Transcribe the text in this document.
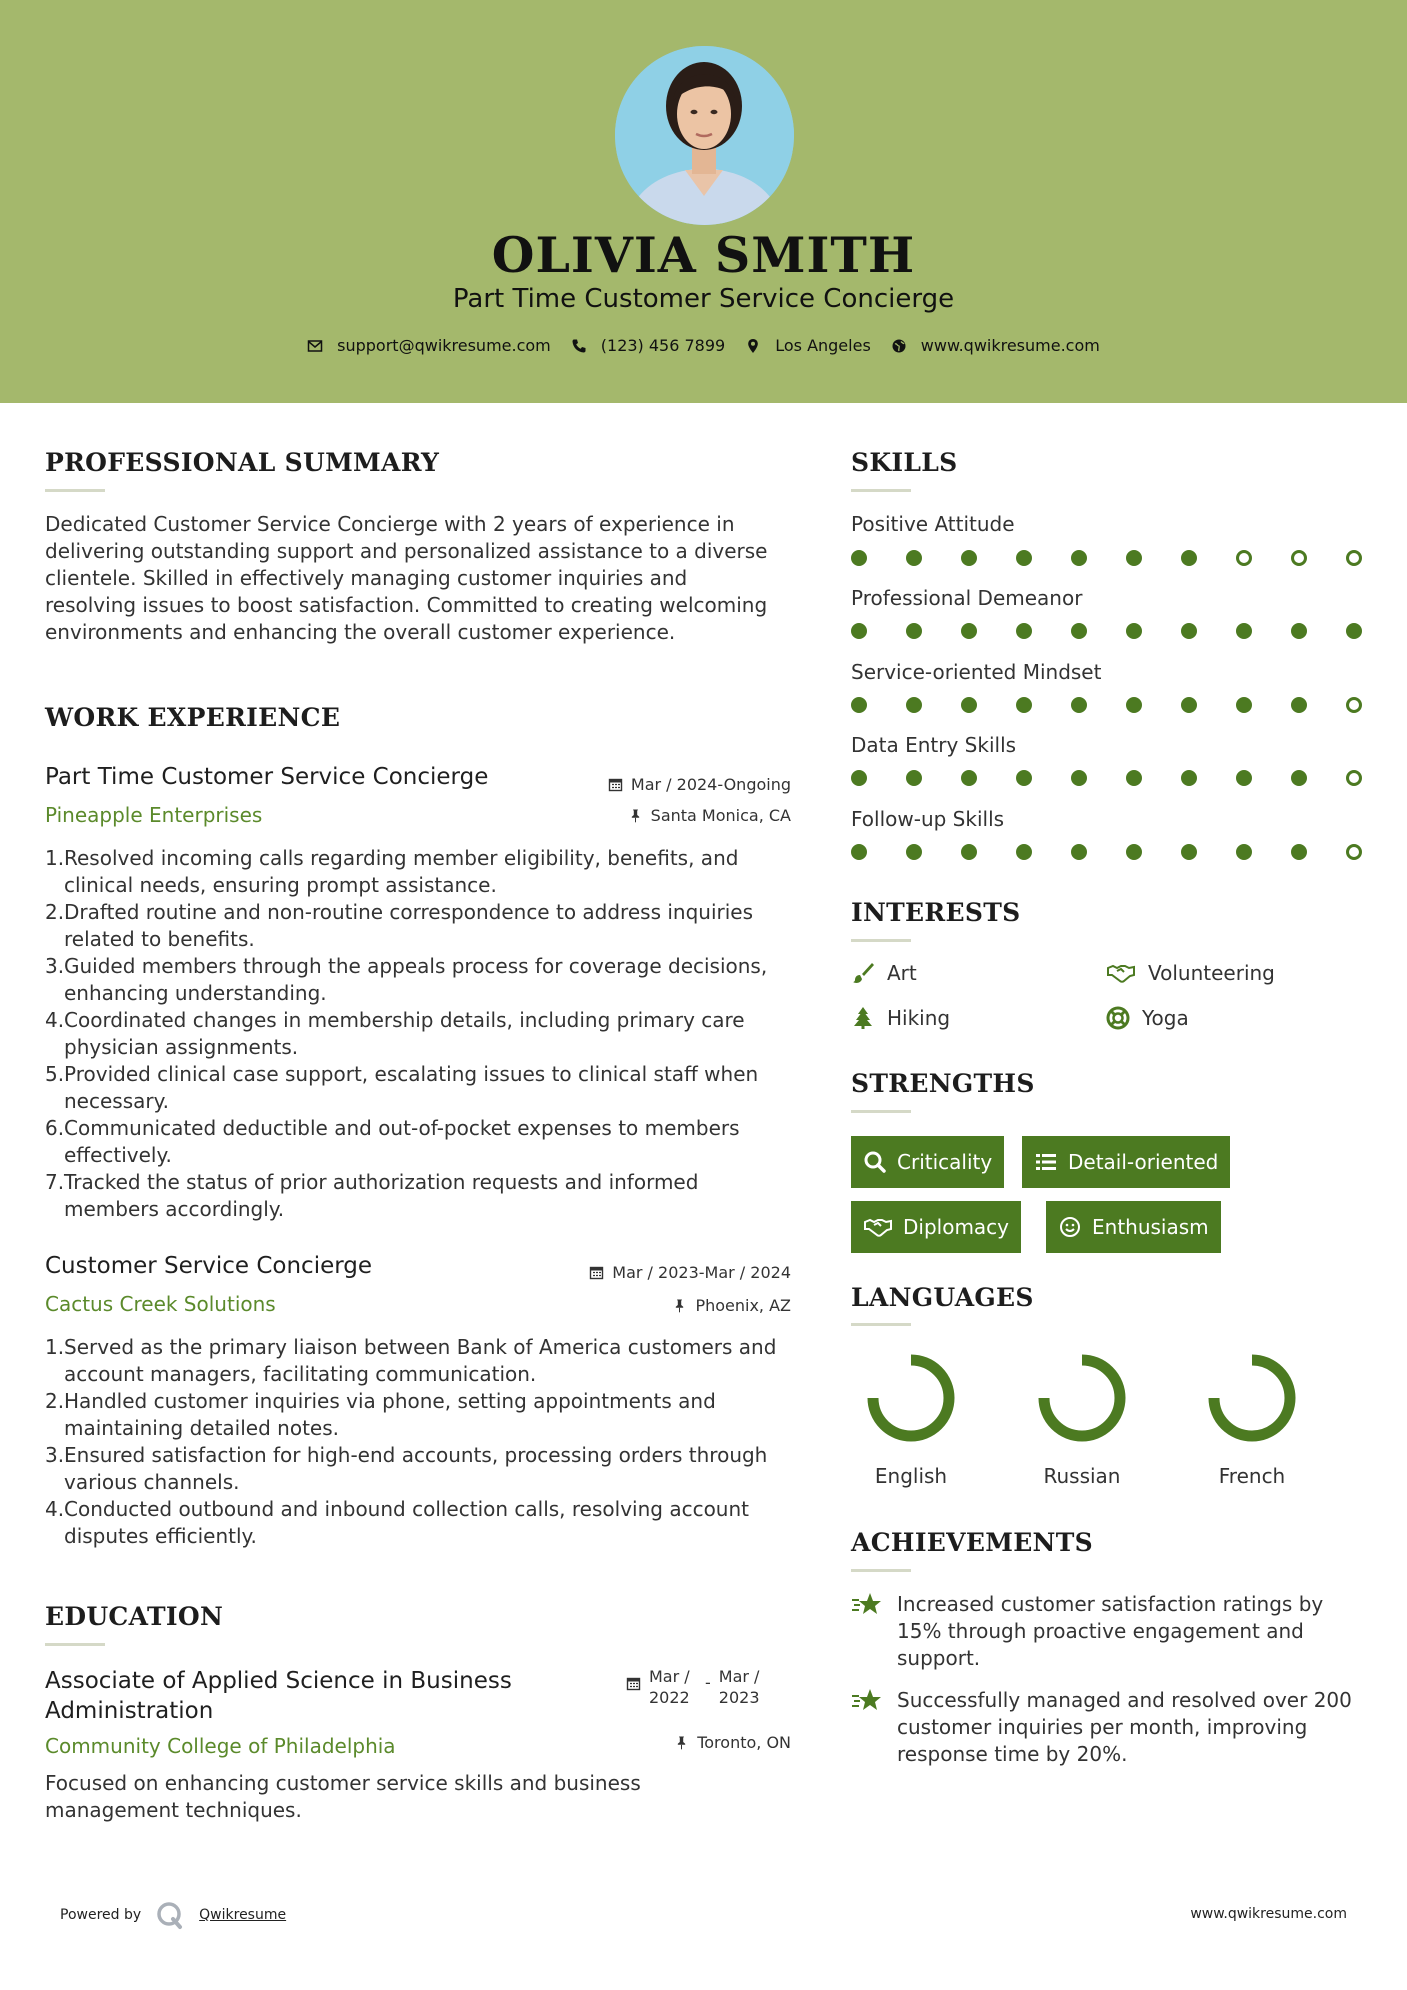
OLIVIA SMITH
Part Time Customer Service Concierge
support@qwikresume.com	(123) 456 7899	Los Angeles	www.qwikresume.com
PROFESSIONAL SUMMARY
Dedicated Customer Service Concierge with 2 years of experience in delivering outstanding support and personalized assistance to a diverse clientele. Skilled in effectively managing customer inquiries and resolving issues to boost satisfaction. Committed to creating welcoming environments and enhancing the overall customer experience.
WORK EXPERIENCE
Part Time Customer Service Concierge	Mar / 2024-Ongoing
Pineapple Enterprises	Santa Monica, CA
Resolved incoming calls regarding member eligibility, benefits, and clinical needs, ensuring prompt assistance.
Drafted routine and non-routine correspondence to address inquiries related to benefits.
Guided members through the appeals process for coverage decisions, enhancing understanding.
Coordinated changes in membership details, including primary care physician assignments.
Provided clinical case support, escalating issues to clinical staff when necessary.
Communicated deductible and out-of-pocket expenses to members effectively.
Tracked the status of prior authorization requests and informed members accordingly.
Customer Service Concierge	Mar / 2023-Mar / 2024
Cactus Creek Solutions	Phoenix, AZ
Served as the primary liaison between Bank of America customers and account managers, facilitating communication.
Handled customer inquiries via phone, setting appointments and maintaining detailed notes.
Ensured satisfaction for high-end accounts, processing orders through various channels.
Conducted outbound and inbound collection calls, resolving account disputes efficiently.
EDUCATION
Associate of Applied Science in Business Administration
Mar / 2022
- Mar / 2023
Community College of Philadelphia	Toronto, ON
Focused on enhancing customer service skills and business management techniques.
SKILLS
Positive Attitude
Professional Demeanor
Service-oriented Mindset
Data Entry Skills
Follow-up Skills
INTERESTS
Art	Volunteering
Hiking	Yoga
STRENGTHS
Criticality	Detail-oriented
Diplomacy	Enthusiasm
LANGUAGES
English	Russian	French
ACHIEVEMENTS
Increased customer satisfaction ratings by 15% through proactive engagement and support.
Successfully managed and resolved over 200 customer inquiries per month, improving response time by 20%.
Powered by	Qwikresume	www.qwikresume.com
